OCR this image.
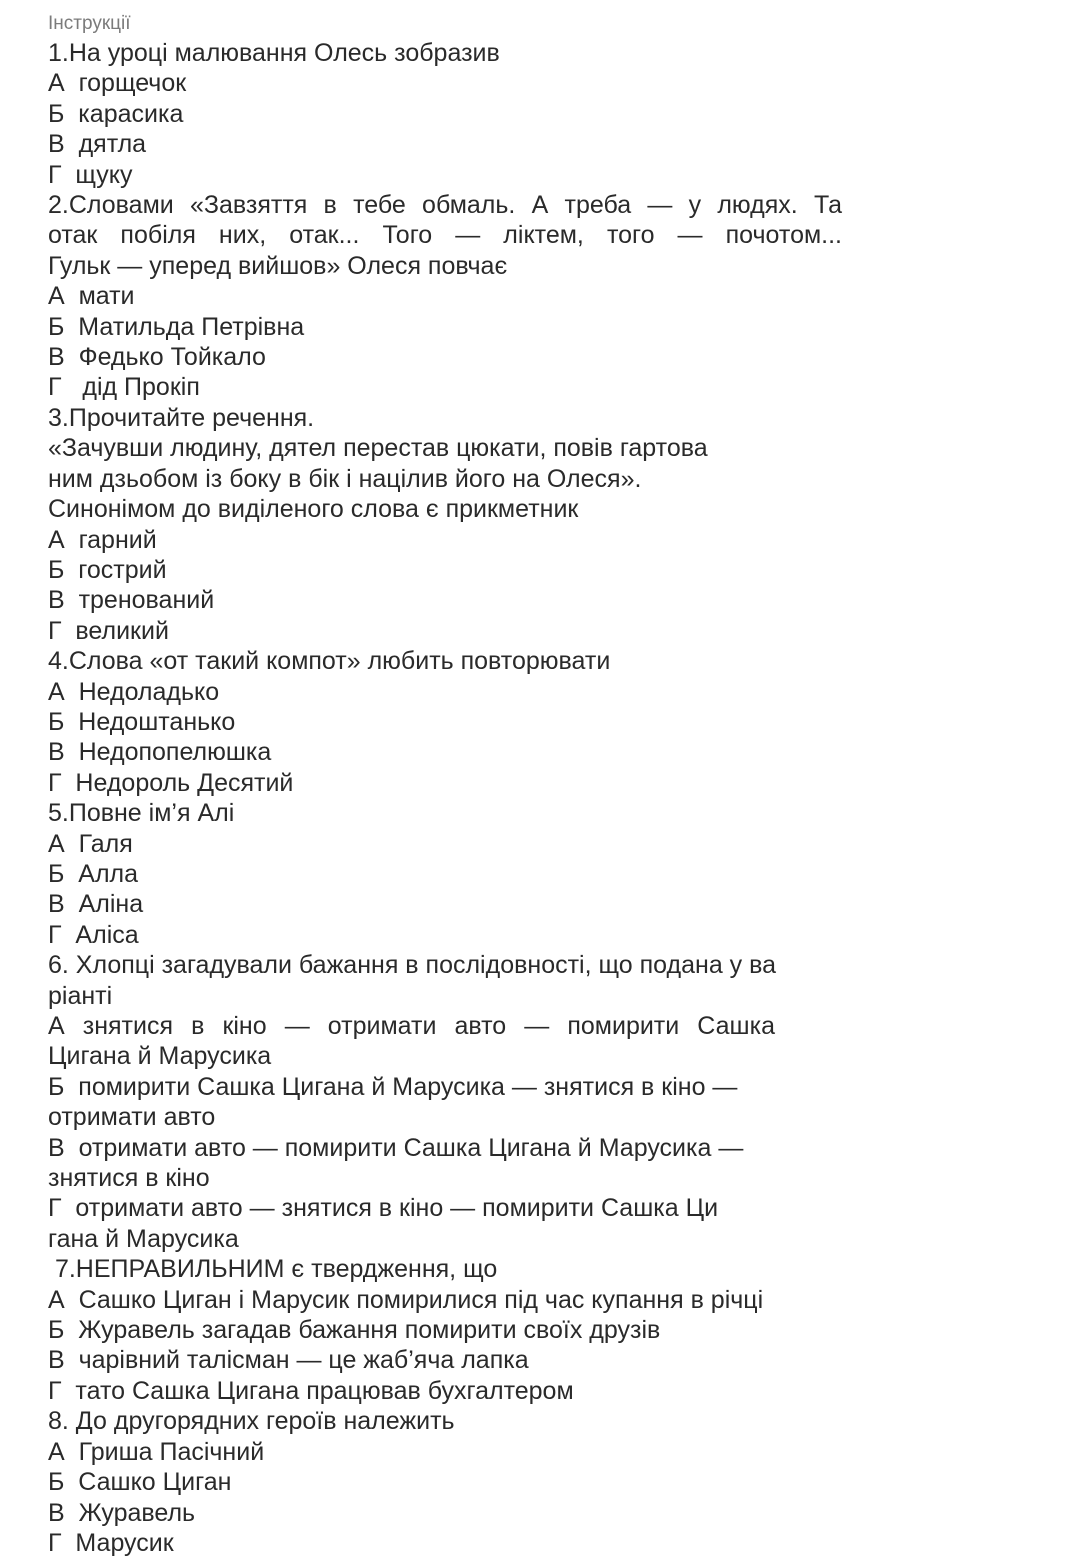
Інструкції
1.На уроці малювання Олесь зобразив
А  горщечок
Б  карасика
В  дятла
Г  щуку
2.Словами «Завзяття в тебе обмаль. А треба — у людях. Та
отак побіля них, отак... Того — ліктем, того — почотом...
Гульк — уперед вийшов» Олеся повчає
А  мати
Б  Матильда Петрівна
В  Федько Тойкало
Г   дід Прокіп
3.Прочитайте речення.
«Зачувши людину, дятел перестав цюкати, повів гартова
ним дзьобом із боку в бік і націлив його на Олеся».
Синонімом до виділеного слова є прикметник
А  гарний
Б  гострий
В  тренований
Г  великий
4.Слова «от такий компот» любить повторювати
А  Недоладько
Б  Недоштанько
В  Недопопелюшка
Г  Недороль Десятий
5.Повне ім’я Алі
А  Галя
Б  Алла
В  Аліна
Г  Аліса
6. Хлопці загадували бажання в послідовності, що подана у ва
ріанті
А знятися в кіно — отримати авто — помирити Сашка
Цигана й Марусика
Б  помирити Сашка Цигана й Марусика — знятися в кіно —
отримати авто
В  отримати авто — помирити Сашка Цигана й Марусика —
знятися в кіно
Г  отримати авто — знятися в кіно — помирити Сашка Ци
гана й Марусика
7.НЕПРАВИЛЬНИМ є твердження, що
А  Сашко Циган і Марусик помирилися під час купання в річці
Б  Журавель загадав бажання помирити своїх друзів
В  чарівний талісман — це жаб’яча лапка
Г  тато Сашка Цигана працював бухгалтером
8. До другорядних героїв належить
А  Гриша Пасічний
Б  Сашко Циган
В  Журавель
Г  Марусик
